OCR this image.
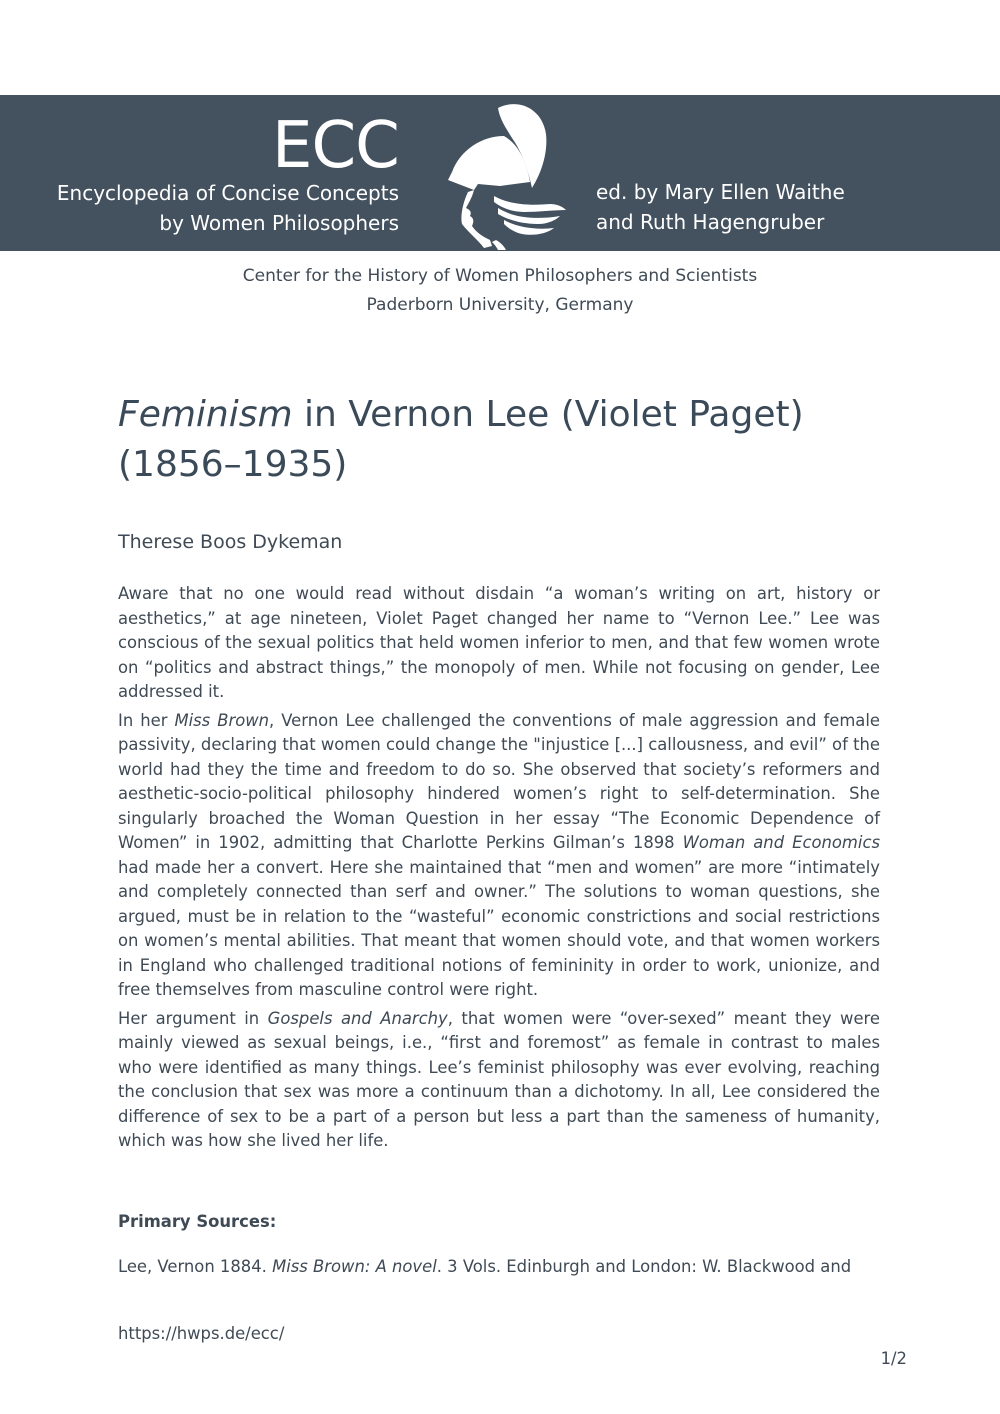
ECC
Encyclopedia of Concise Concepts
by Women Philosophers
ed. by Mary Ellen Waithe
and Ruth Hagengruber
Center for the History of Women Philosophers and Scientists
Paderborn University, Germany
Feminism in Vernon Lee (Violet Paget)
(1856–1935)
Therese Boos Dykeman

Aware that no one would read without disdain “a woman’s writing on art, history or aesthetics,” at age nineteen, Violet Paget changed her name to “Vernon Lee.” Lee was conscious of the sexual politics that held women inferior to men, and that few women wrote on “politics and abstract things,” the monopoly of men. While not focusing on gender, Lee addressed it.

In her Miss Brown, Vernon Lee challenged the conventions of male aggression and female passivity, declaring that women could change the "injustice [...] callousness, and evil” of the world had they the time and freedom to do so. She observed that society’s reformers and aesthetic-socio-political philosophy hindered women’s right to self-determination. She singularly broached the Woman Question in her essay “The Economic Dependence of Women” in 1902, admitting that Charlotte Perkins Gilman’s 1898 Woman and Economics had made her a convert. Here she maintained that “men and women” are more “intimately and completely connected than serf and owner.” The solutions to woman questions, she argued, must be in relation to the “wasteful” economic constrictions and social restrictions on women’s mental abilities. That meant that women should vote, and that women workers in England who challenged traditional notions of femininity in order to work, unionize, and free themselves from masculine control were right.

Her argument in Gospels and Anarchy, that women were “over-sexed” meant they were mainly viewed as sexual beings, i.e., “first and foremost” as female in contrast to males who were identified as many things. Lee’s feminist philosophy was ever evolving, reaching the conclusion that sex was more a continuum than a dichotomy. In all, Lee considered the difference of sex to be a part of a person but less a part than the sameness of humanity, which was how she lived her life.

Primary Sources:
Lee, Vernon 1884. Miss Brown: A novel. 3 Vols. Edinburgh and London: W. Blackwood and
https://hwps.de/ecc/
1/2
